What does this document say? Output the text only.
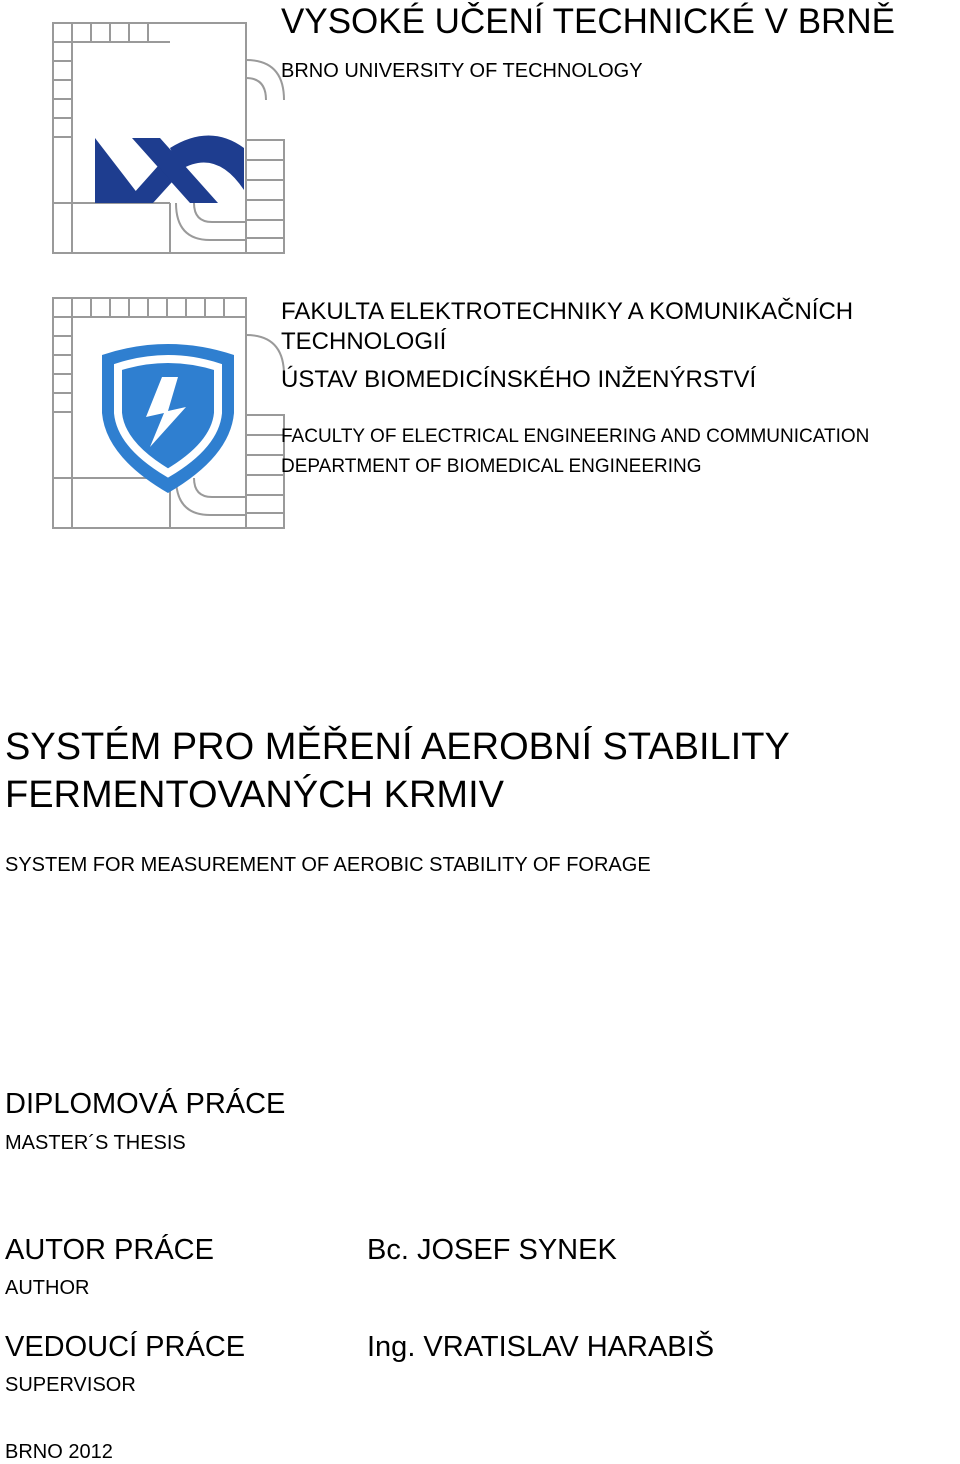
VYSOKÉ UČENÍ TECHNICKÉ V BRNĚ
BRNO UNIVERSITY OF TECHNOLOGY
FAKULTA ELEKTROTECHNIKY A KOMUNIKAČNÍCH
TECHNOLOGIÍ
ÚSTAV BIOMEDICÍNSKÉHO INŽENÝRSTVÍ
FACULTY OF ELECTRICAL ENGINEERING AND COMMUNICATION
DEPARTMENT OF BIOMEDICAL ENGINEERING
SYSTÉM PRO MĚŘENÍ AEROBNÍ STABILITY
FERMENTOVANÝCH KRMIV
SYSTEM FOR MEASUREMENT OF AEROBIC STABILITY OF FORAGE
DIPLOMOVÁ PRÁCE
MASTER´S THESIS
AUTOR PRÁCE
AUTHOR
Bc. JOSEF SYNEK
VEDOUCÍ PRÁCE
SUPERVISOR
Ing. VRATISLAV HARABIŠ
BRNO 2012
